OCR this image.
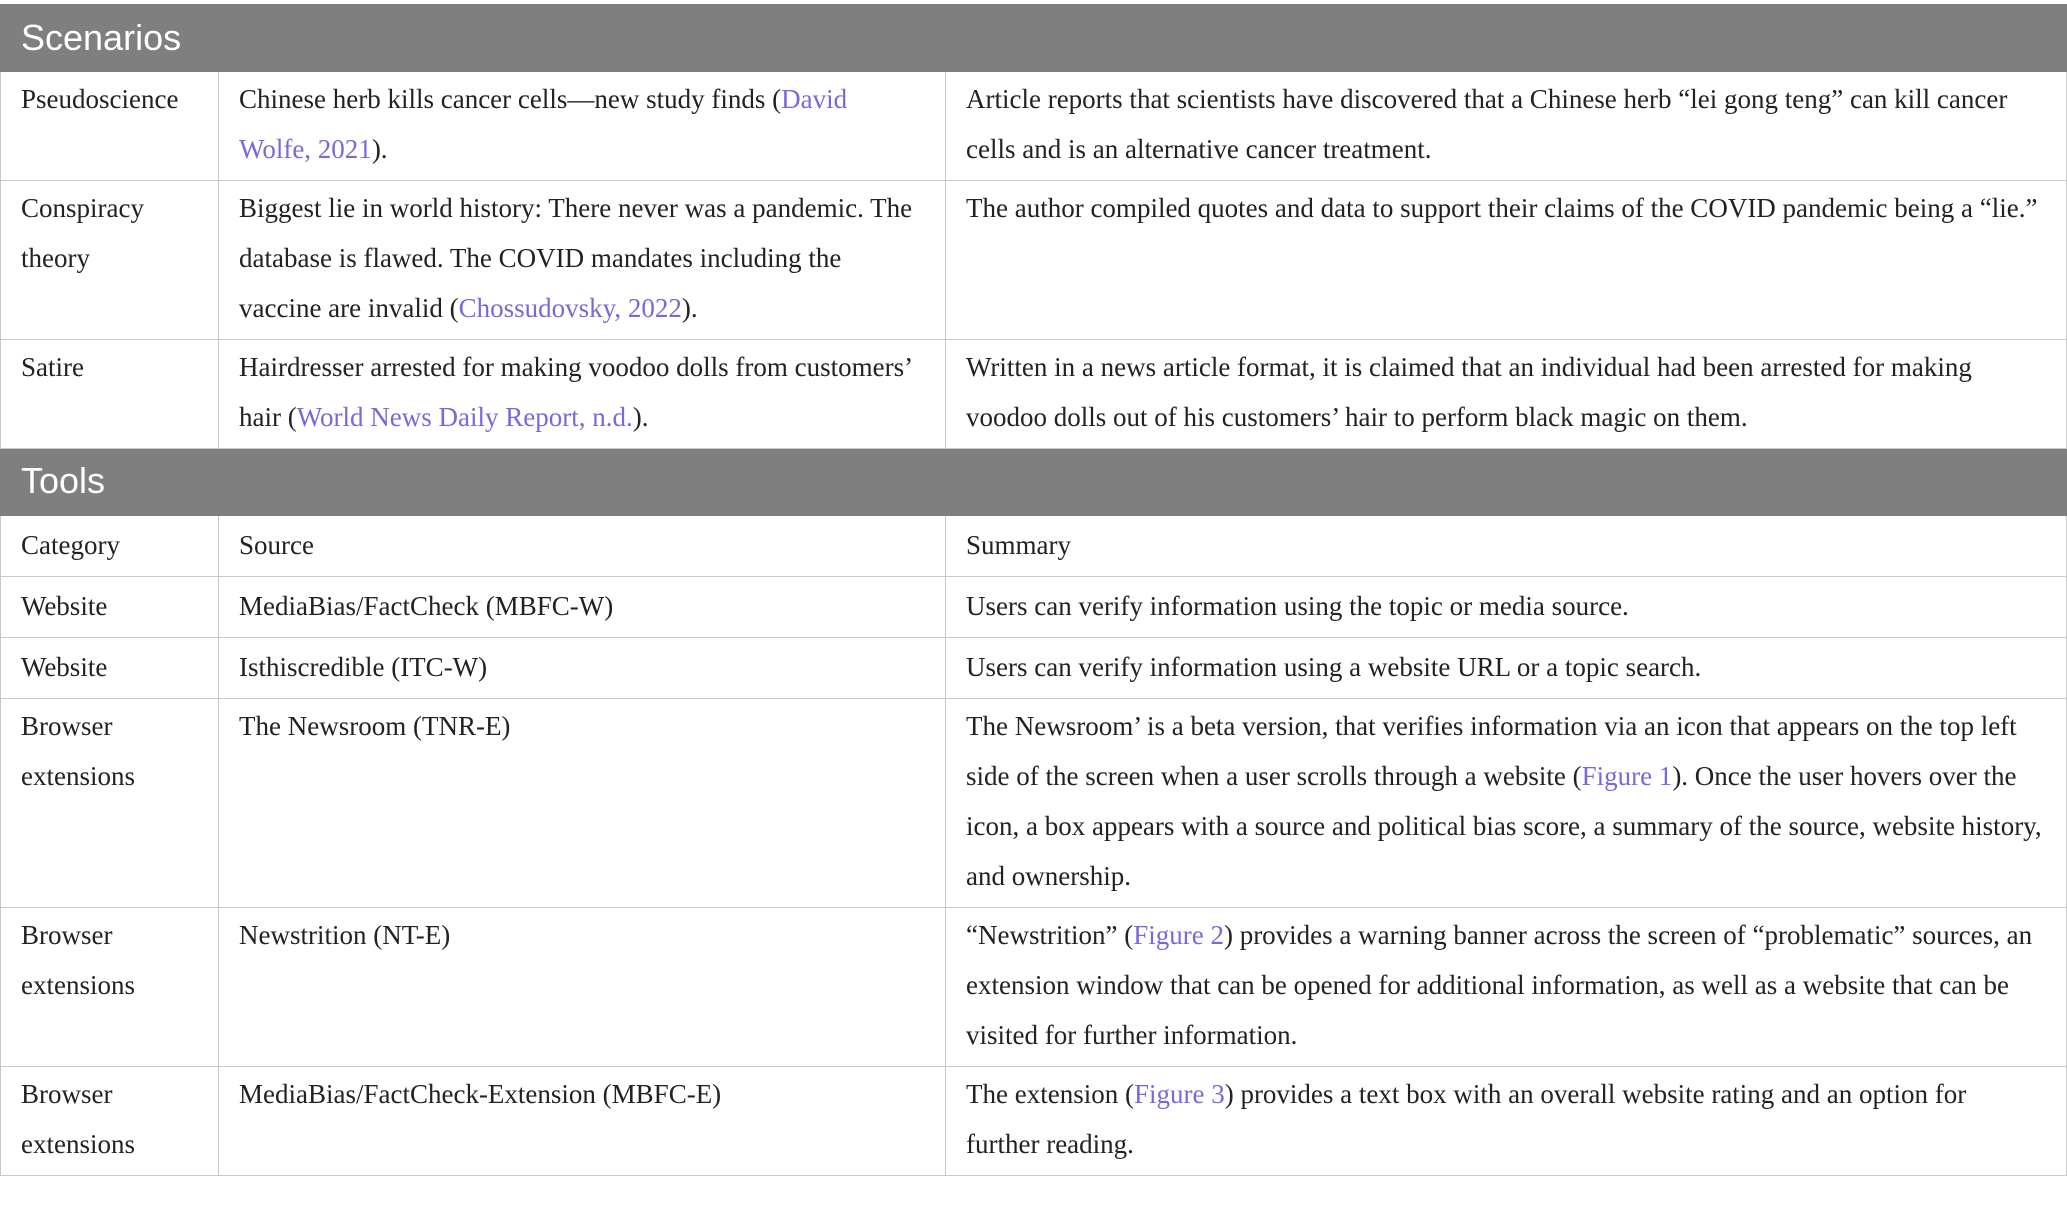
Scenarios		
Pseudoscience	Chinese herb kills cancer cells—new study finds (David Wolfe, 2021).	Article reports that scientists have discovered that a Chinese herb “lei gong teng” can kill cancer cells and is an alternative cancer treatment.
Conspiracy theory	Biggest lie in world history: There never was a pandemic. The database is flawed. The COVID mandates including the vaccine are invalid (Chossudovsky, 2022).	The author compiled quotes and data to support their claims of the COVID pandemic being a “lie.”
Satire	Hairdresser arrested for making voodoo dolls from customers’ hair (World News Daily Report, n.d.).	Written in a news article format, it is claimed that an individual had been arrested for making voodoo dolls out of his customers’ hair to perform black magic on them.
Tools		
Category	Source	Summary
Website	MediaBias/FactCheck (MBFC-W)	Users can verify information using the topic or media source.
Website	Isthiscredible (ITC-W)	Users can verify information using a website URL or a topic search.
Browser extensions	The Newsroom (TNR-E)	The Newsroom’ is a beta version, that verifies information via an icon that appears on the top left side of the screen when a user scrolls through a website (Figure 1). Once the user hovers over the icon, a box appears with a source and political bias score, a summary of the source, website history, and ownership.
Browser extensions	Newstrition (NT-E)	“Newstrition” (Figure 2) provides a warning banner across the screen of “problematic” sources, an extension window that can be opened for additional information, as well as a website that can be visited for further information.
Browser extensions	MediaBias/FactCheck-Extension (MBFC-E)	The extension (Figure 3) provides a text box with an overall website rating and an option for further reading.
